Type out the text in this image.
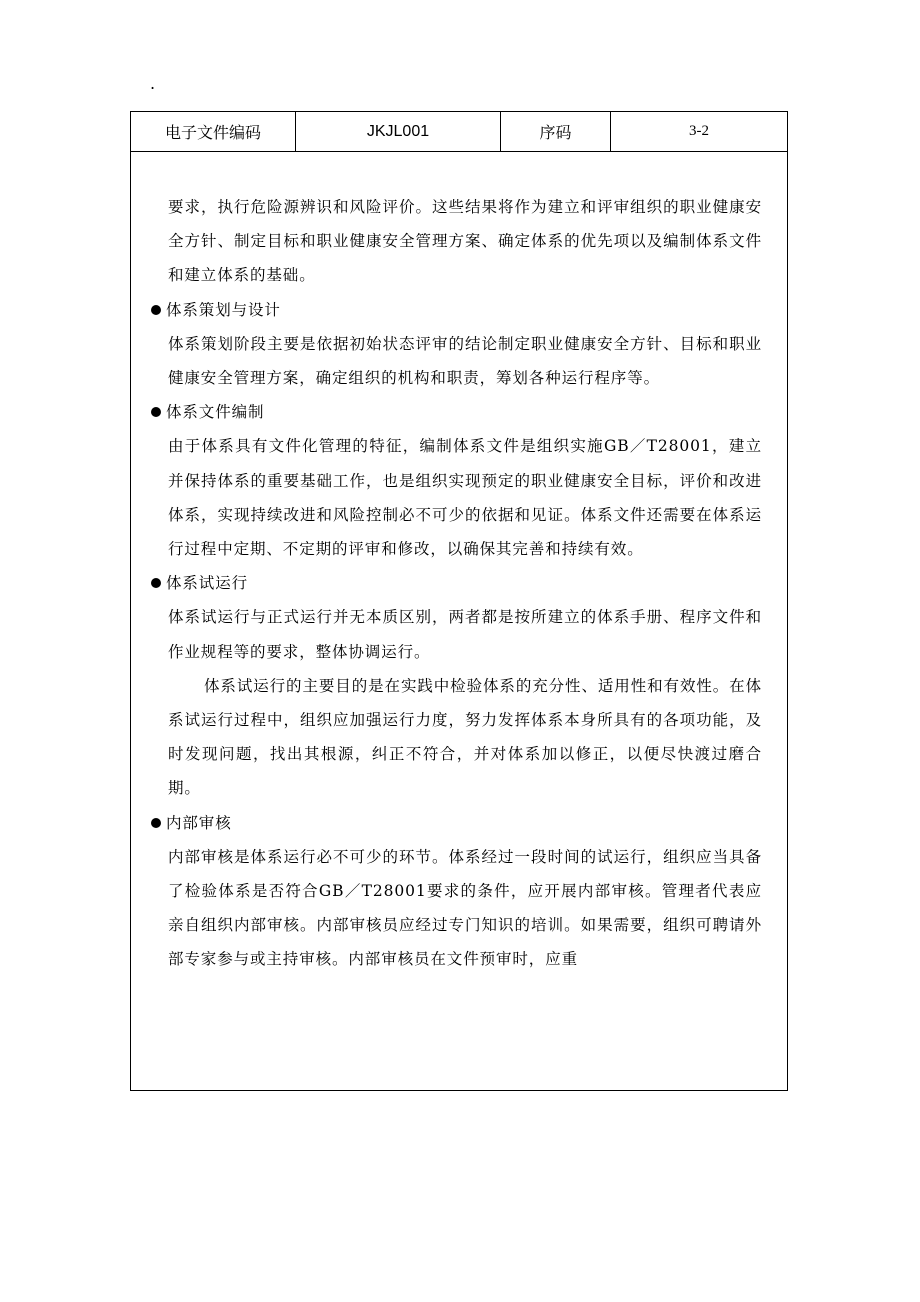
.
电子文件编码	JKJL001	序码	3-2

要求，执行危险源辨识和风险评价。这些结果将作为建立和评审组织的职业健康安全方针、制定目标和职业健康安全管理方案、确定体系的优先项以及编制体系文件和建立体系的基础。

体系策划与设计

体系策划阶段主要是依据初始状态评审的结论制定职业健康安全方针、目标和职业健康安全管理方案，确定组织的机构和职责，筹划各种运行程序等。

体系文件编制

由于体系具有文件化管理的特征，编制体系文件是组织实施GB／T28001，建立并保持体系的重要基础工作，也是组织实现预定的职业健康安全目标，评价和改进体系，实现持续改进和风险控制必不可少的依据和见证。体系文件还需要在体系运行过程中定期、不定期的评审和修改，以确保其完善和持续有效。

体系试运行

体系试运行与正式运行并无本质区别，两者都是按所建立的体系手册、程序文件和作业规程等的要求，整体协调运行。

体系试运行的主要目的是在实践中检验体系的充分性、适用性和有效性。在体系试运行过程中，组织应加强运行力度，努力发挥体系本身所具有的各项功能，及时发现问题，找出其根源，纠正不符合，并对体系加以修正，以便尽快渡过磨合期。

内部审核

内部审核是体系运行必不可少的环节。体系经过一段时间的试运行，组织应当具备了检验体系是否符合GB／T28001要求的条件，应开展内部审核。管理者代表应亲自组织内部审核。内部审核员应经过专门知识的培训。如果需要，组织可聘请外部专家参与或主持审核。内部审核员在文件预审时，应重
